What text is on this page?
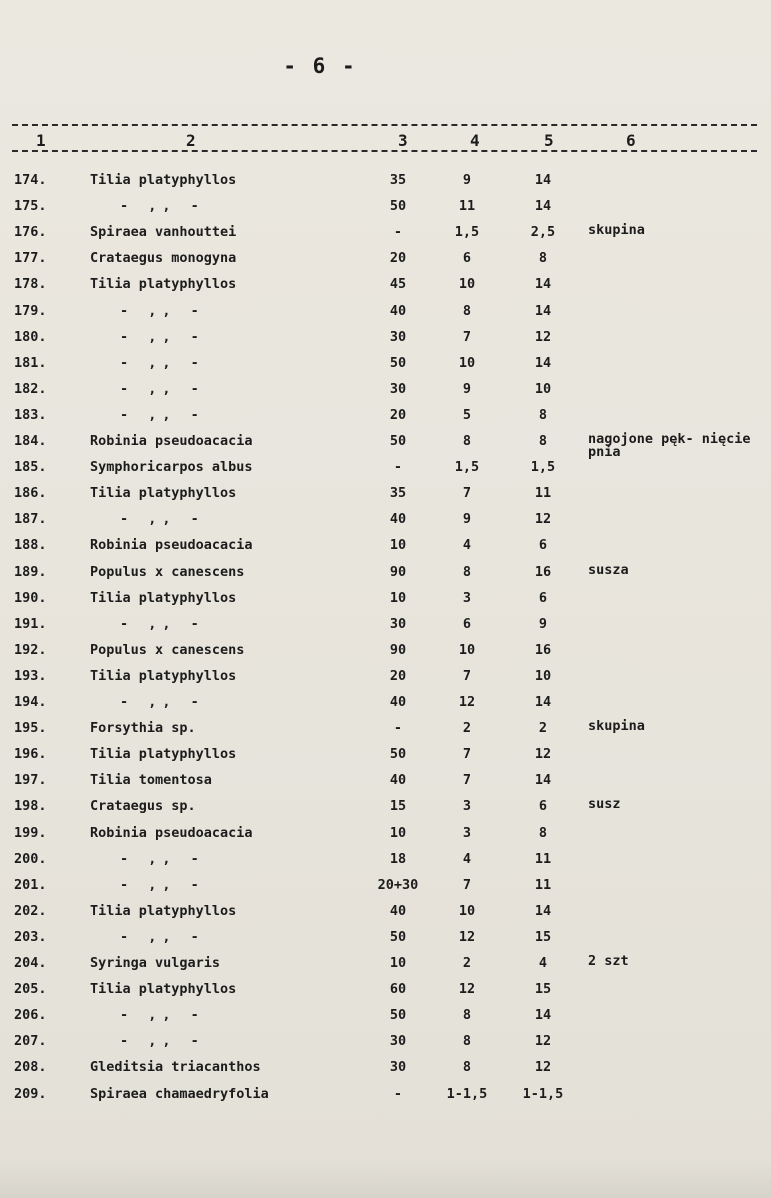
- 6 -
1	2	3	4	5	6
174.	Tilia platyphyllos	35	9	14
175.	- ,, -	50	11	14
176.	Spiraea vanhouttei	-	1,5	2,5	skupina
177.	Crataegus monogyna	20	6	8
178.	Tilia platyphyllos	45	10	14
179.	- ,, -	40	8	14
180.	- ,, -	30	7	12
181.	- ,, -	50	10	14
182.	- ,, -	30	9	10
183.	- ,, -	20	5	8
184.	Robinia pseudoacacia	50	8	8	nagojone pęk- nięcie pnia
185.	Symphoricarpos albus	-	1,5	1,5
186.	Tilia platyphyllos	35	7	11
187.	- ,, -	40	9	12
188.	Robinia pseudoacacia	10	4	6
189.	Populus x canescens	90	8	16	susza
190.	Tilia platyphyllos	10	3	6
191.	- ,, -	30	6	9
192.	Populus x canescens	90	10	16
193.	Tilia platyphyllos	20	7	10
194.	- ,, -	40	12	14
195.	Forsythia sp.	-	2	2	skupina
196.	Tilia platyphyllos	50	7	12
197.	Tilia tomentosa	40	7	14
198.	Crataegus sp.	15	3	6	susz
199.	Robinia pseudoacacia	10	3	8
200.	- ,, -	18	4	11
201.	- ,, -	20+30	7	11
202.	Tilia platyphyllos	40	10	14
203.	- ,, -	50	12	15
204.	Syringa vulgaris	10	2	4	2 szt
205.	Tilia platyphyllos	60	12	15
206.	- ,, -	50	8	14
207.	- ,, -	30	8	12
208.	Gleditsia triacanthos	30	8	12
209.	Spiraea chamaedryfolia	-	1-1,5	1-1,5
